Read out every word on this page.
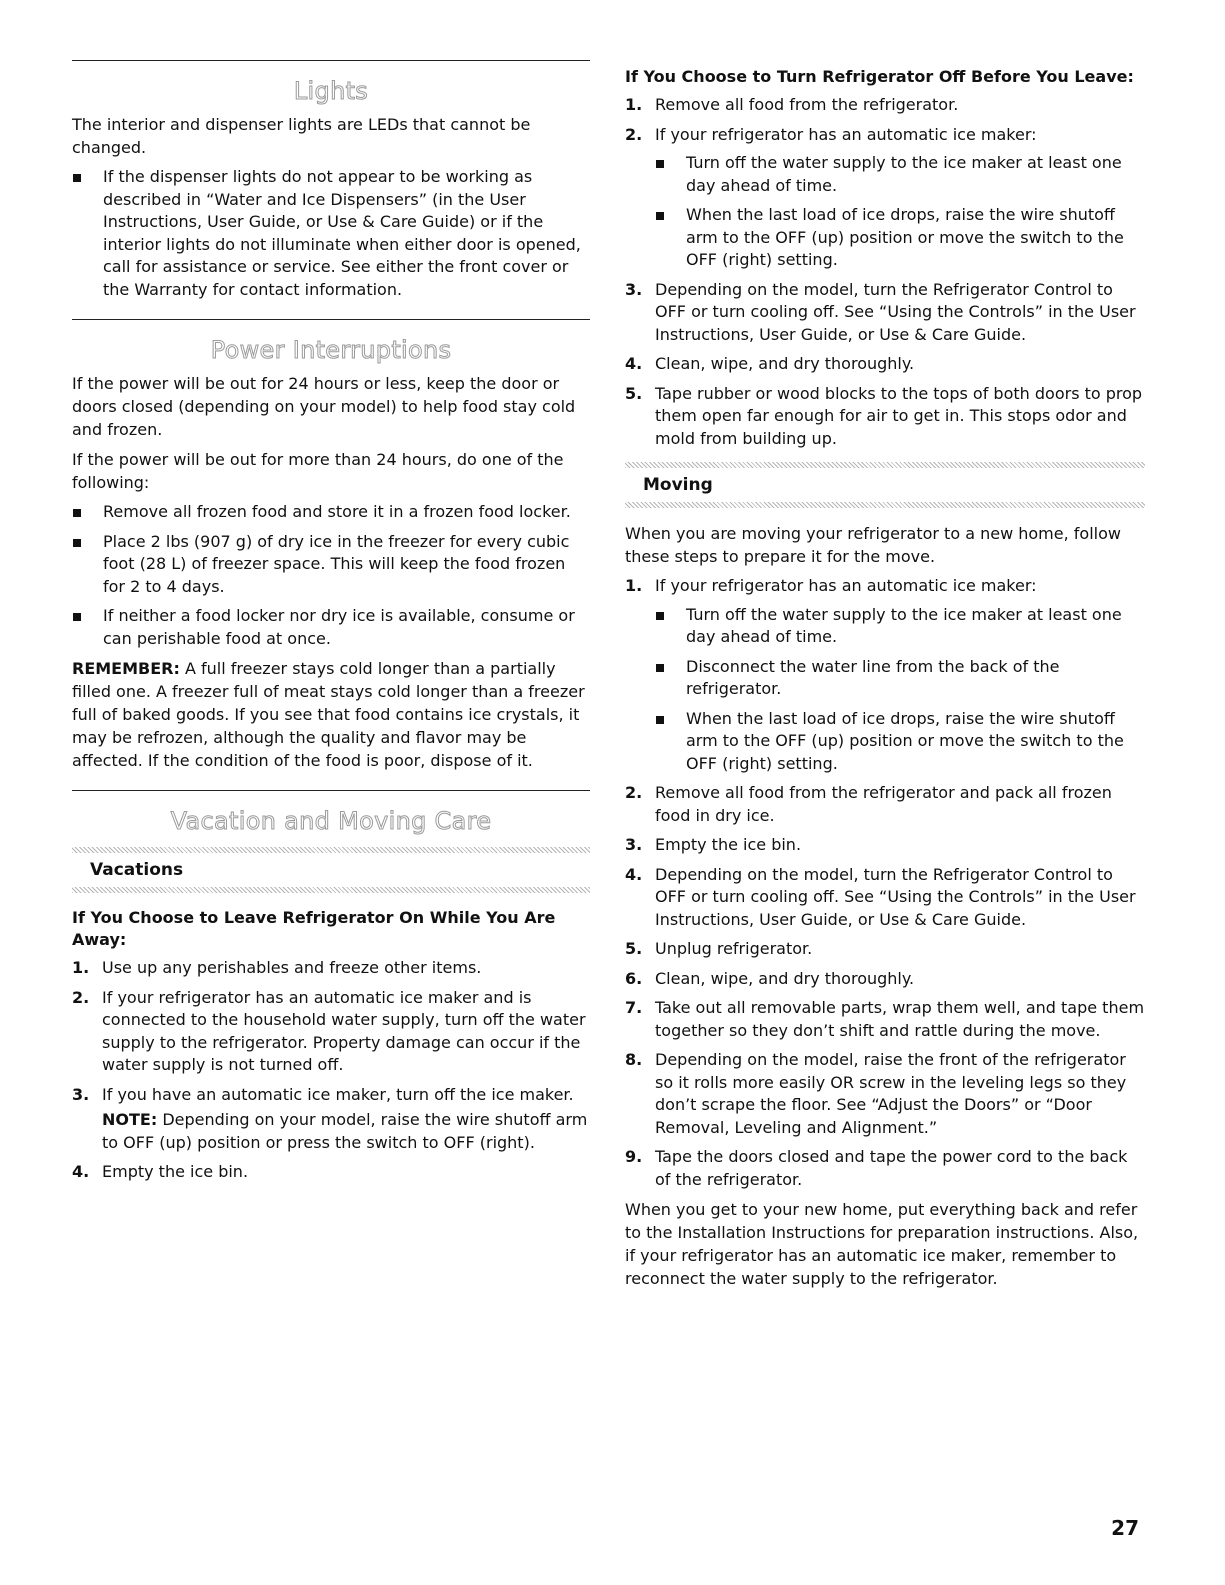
Lights

The interior and dispenser lights are LEDs that cannot be changed.

If the dispenser lights do not appear to be working as described in “Water and Ice Dispensers” (in the User Instructions, User Guide, or Use & Care Guide) or if the interior lights do not illuminate when either door is opened, call for assistance or service. See either the front cover or the Warranty for contact information.
Power Interruptions

If the power will be out for 24 hours or less, keep the door or doors closed (depending on your model) to help food stay cold and frozen.

If the power will be out for more than 24 hours, do one of the following:

Remove all frozen food and store it in a frozen food locker.
Place 2 lbs (907 g) of dry ice in the freezer for every cubic foot (28 L) of freezer space. This will keep the food frozen for 2 to 4 days.
If neither a food locker nor dry ice is available, consume or can perishable food at once.

REMEMBER: A full freezer stays cold longer than a partially filled one. A freezer full of meat stays cold longer than a freezer full of baked goods. If you see that food contains ice crystals, it may be refrozen, although the quality and flavor may be affected. If the condition of the food is poor, dispose of it.

Vacation and Moving Care
Vacations
If You Choose to Leave Refrigerator On While You Are Away:
1. Use up any perishables and freeze other items.
2. If your refrigerator has an automatic ice maker and is connected to the household water supply, turn off the water supply to the refrigerator. Property damage can occur if the water supply is not turned off.
3. If you have an automatic ice maker, turn off the ice maker.

NOTE: Depending on your model, raise the wire shutoff arm to OFF (up) position or press the switch to OFF (right).

4. Empty the ice bin.
If You Choose to Turn Refrigerator Off Before You Leave:
1. Remove all food from the refrigerator.
2. If your refrigerator has an automatic ice maker:
Turn off the water supply to the ice maker at least one day ahead of time.
When the last load of ice drops, raise the wire shutoff arm to the OFF (up) position or move the switch to the OFF (right) setting.
3. Depending on the model, turn the Refrigerator Control to OFF or turn cooling off. See “Using the Controls” in the User Instructions, User Guide, or Use & Care Guide.
4. Clean, wipe, and dry thoroughly.
5. Tape rubber or wood blocks to the tops of both doors to prop them open far enough for air to get in. This stops odor and mold from building up.
Moving

When you are moving your refrigerator to a new home, follow these steps to prepare it for the move.

1. If your refrigerator has an automatic ice maker:
Turn off the water supply to the ice maker at least one day ahead of time.
Disconnect the water line from the back of the refrigerator.
When the last load of ice drops, raise the wire shutoff arm to the OFF (up) position or move the switch to the OFF (right) setting.
2. Remove all food from the refrigerator and pack all frozen food in dry ice.
3. Empty the ice bin.
4. Depending on the model, turn the Refrigerator Control to OFF or turn cooling off. See “Using the Controls” in the User Instructions, User Guide, or Use & Care Guide.
5. Unplug refrigerator.
6. Clean, wipe, and dry thoroughly.
7. Take out all removable parts, wrap them well, and tape them together so they don’t shift and rattle during the move.
8. Depending on the model, raise the front of the refrigerator so it rolls more easily OR screw in the leveling legs so they don’t scrape the floor. See “Adjust the Doors” or “Door Removal, Leveling and Alignment.”
9. Tape the doors closed and tape the power cord to the back of the refrigerator.

When you get to your new home, put everything back and refer to the Installation Instructions for preparation instructions. Also, if your refrigerator has an automatic ice maker, remember to reconnect the water supply to the refrigerator.

27
